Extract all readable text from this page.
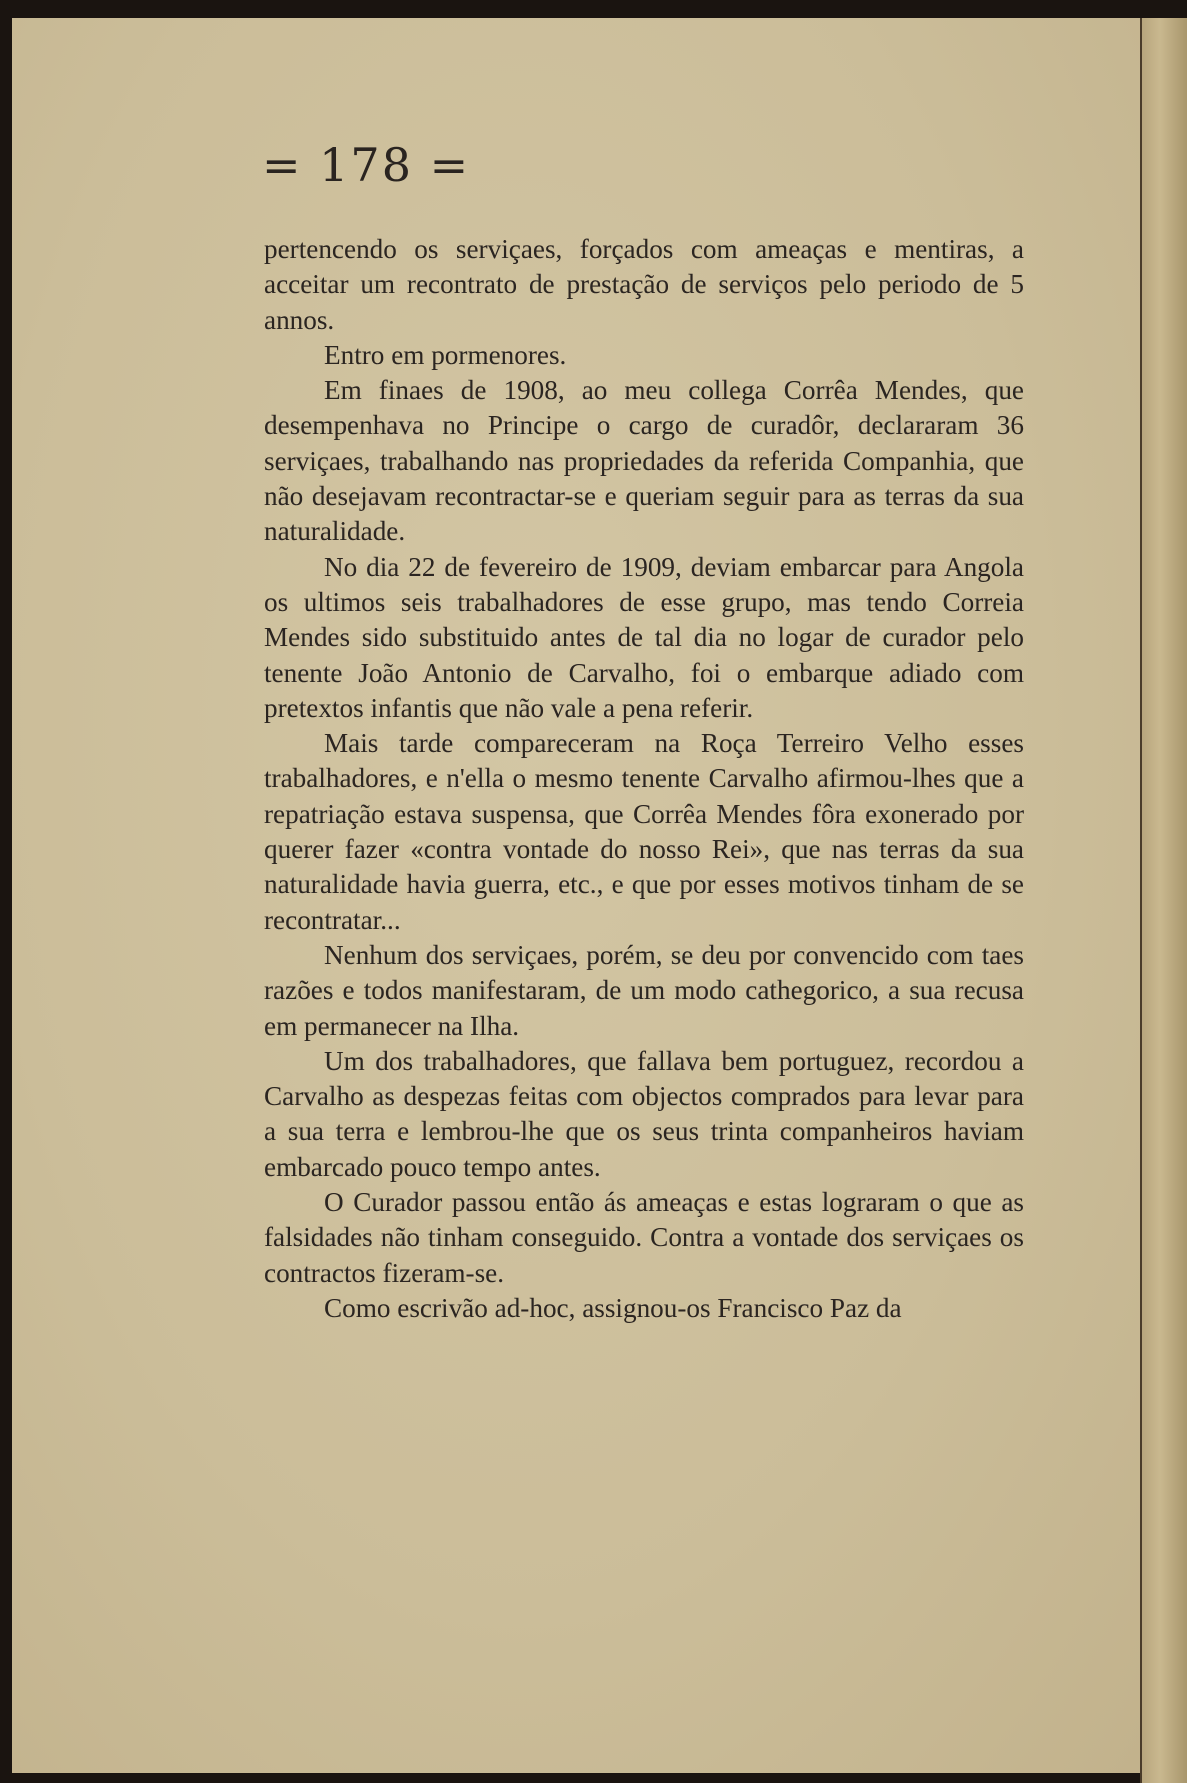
= 178 =

pertencendo os serviçaes, forçados com ameaças e mentiras, a acceitar um recontrato de prestação de serviços pelo periodo de 5 annos.

Entro em pormenores.

Em finaes de 1908, ao meu collega Corrêa Mendes, que desempenhava no Principe o cargo de curadôr, declararam 36 serviçaes, trabalhando nas propriedades da referida Companhia, que não desejavam recontractar-se e queriam seguir para as terras da sua naturalidade.

No dia 22 de fevereiro de 1909, deviam embarcar para Angola os ultimos seis trabalhadores de esse grupo, mas tendo Correia Mendes sido substituido antes de tal dia no logar de curador pelo tenente João Antonio de Carvalho, foi o embarque adiado com pretextos infantis que não vale a pena referir.

Mais tarde compareceram na Roça Terreiro Velho esses trabalhadores, e n'ella o mesmo tenente Carvalho afirmou-lhes que a repatriação estava suspensa, que Corrêa Mendes fôra exonerado por querer fazer «contra vontade do nosso Rei», que nas terras da sua naturalidade havia guerra, etc., e que por esses motivos tinham de se recontratar...

Nenhum dos serviçaes, porém, se deu por convencido com taes razões e todos manifestaram, de um modo cathegorico, a sua recusa em permanecer na Ilha.

Um dos trabalhadores, que fallava bem portuguez, recordou a Carvalho as despezas feitas com objectos comprados para levar para a sua terra e lembrou-lhe que os seus trinta companheiros haviam embarcado pouco tempo antes.

O Curador passou então ás ameaças e estas lograram o que as falsidades não tinham conseguido. Contra a vontade dos serviçaes os contractos fizeram-se.

Como escrivão ad-hoc, assignou-os Francisco Paz da
